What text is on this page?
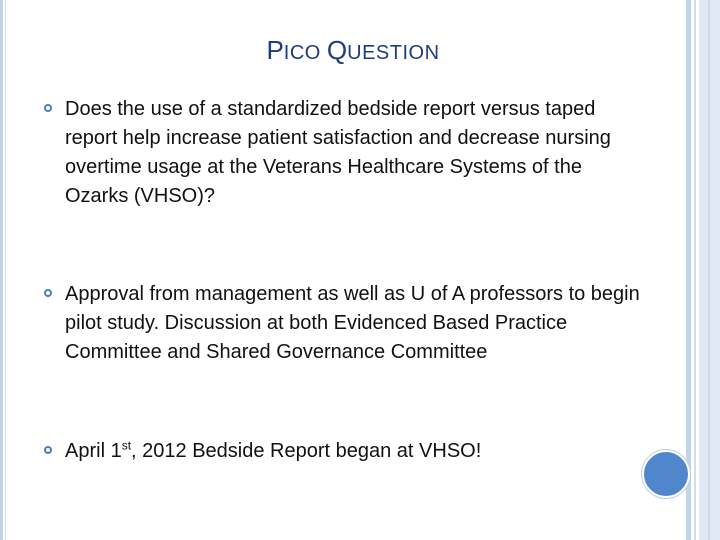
PICO QUESTION
Does the use of a standardized bedside report versus taped report help increase patient satisfaction and decrease nursing overtime usage at the Veterans Healthcare Systems of the Ozarks (VHSO)?
Approval from management as well as U of A professors to begin pilot study. Discussion at both Evidenced Based Practice Committee and Shared Governance Committee
April 1st, 2012 Bedside Report began at VHSO!
